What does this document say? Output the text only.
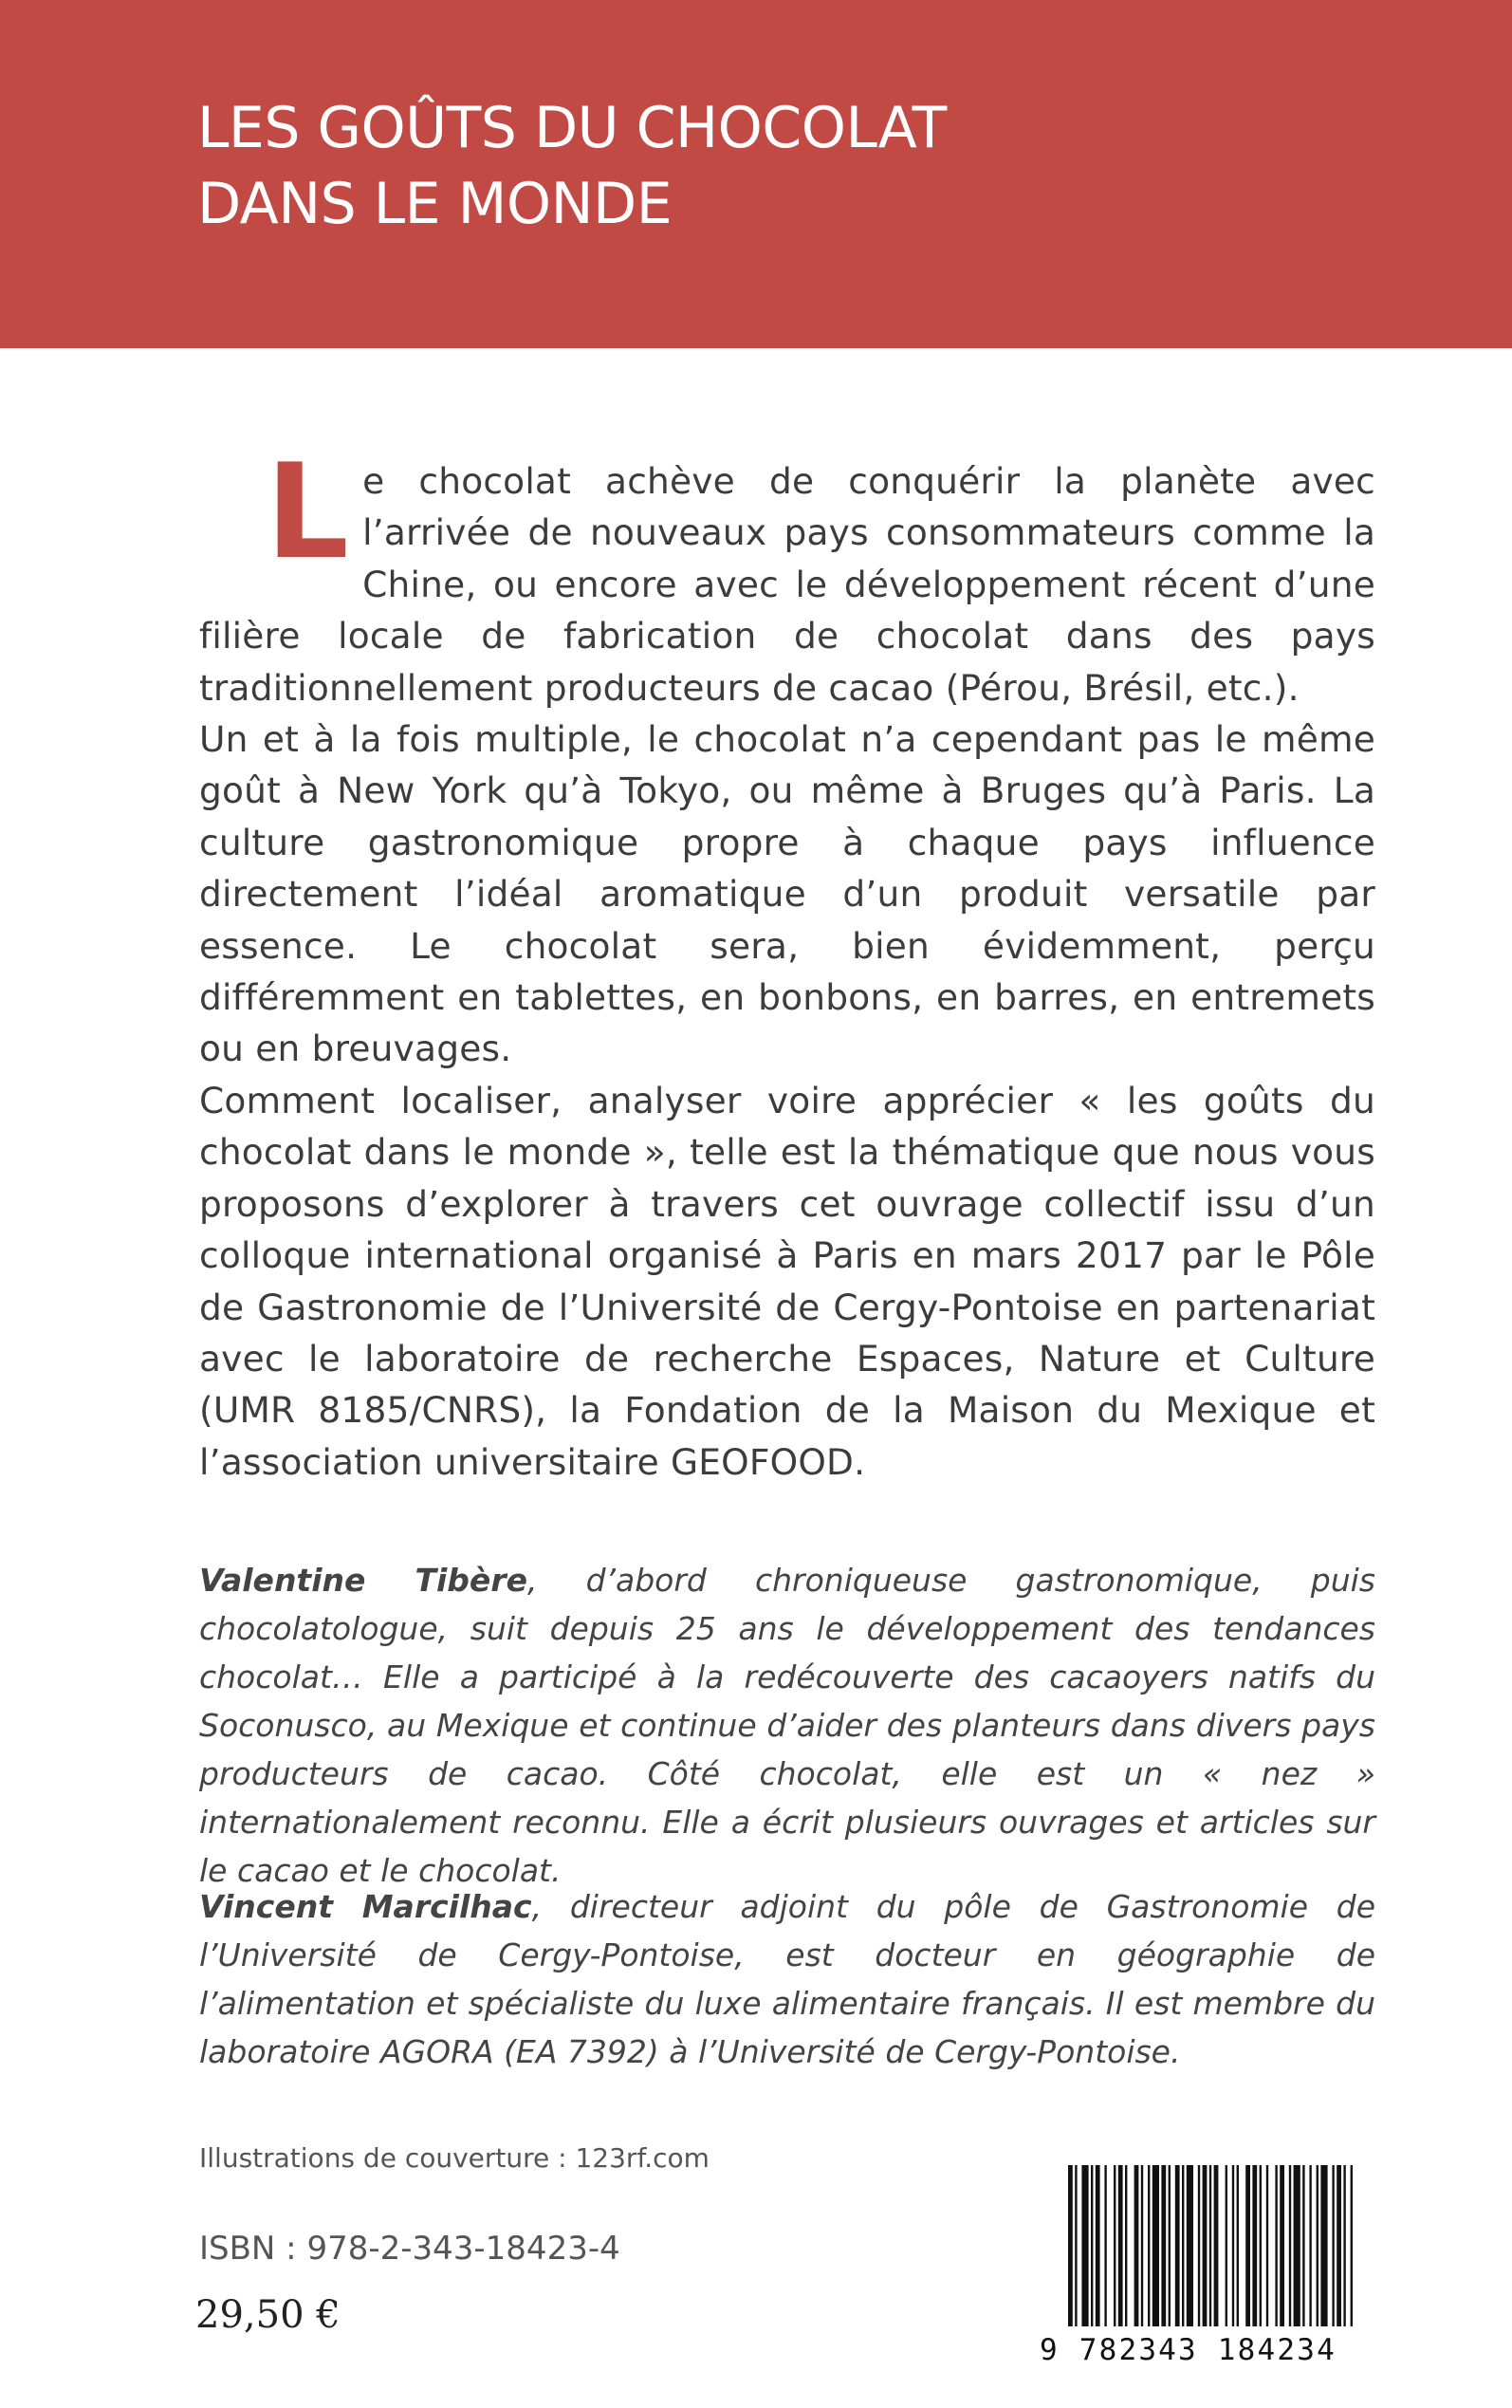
LES GOÛTS DU CHOCOLAT
DANS LE MONDE
L e chocolat achève de conquérir la planète avec l’arrivée de nouveaux pays consommateurs comme la Chine, ou encore avec le développement récent d’une filière locale de fabrication de chocolat dans des pays traditionnellement producteurs de cacao (Pérou, Brésil, etc.).

Un et à la fois multiple, le chocolat n’a cependant pas le même goût à New York qu’à Tokyo, ou même à Bruges qu’à Paris. La culture gastronomique propre à chaque pays influence directement l’idéal aromatique d’un produit versatile par essence. Le chocolat sera, bien évidemment, perçu différemment en tablettes, en bonbons, en barres, en entremets ou en breuvages.

Comment localiser, analyser voire apprécier « les goûts du chocolat dans le monde », telle est la thématique que nous vous proposons d’explorer à travers cet ouvrage collectif issu d’un colloque international organisé à Paris en mars 2017 par le Pôle de Gastronomie de l’Université de Cergy-Pontoise en partenariat avec le laboratoire de recherche Espaces, Nature et Culture (UMR 8185/CNRS), la Fondation de la Maison du Mexique et l’association universitaire GEOFOOD.

Valentine Tibère, d’abord chroniqueuse gastronomique, puis chocolatologue, suit depuis 25 ans le développement des tendances chocolat… Elle a participé à la redécouverte des cacaoyers natifs du Soconusco, au Mexique et continue d’aider des planteurs dans divers pays producteurs de cacao. Côté chocolat, elle est un « nez » internationalement reconnu. Elle a écrit plusieurs ouvrages et articles sur le cacao et le chocolat.

Vincent Marcilhac, directeur adjoint du pôle de Gastronomie de l’Université de Cergy-Pontoise, est docteur en géographie de l’alimentation et spécialiste du luxe alimentaire français. Il est membre du laboratoire AGORA (EA 7392) à l’Université de Cergy-Pontoise.

Illustrations de couverture : 123rf.com
ISBN : 978-2-343-18423-4
29,50 €
9 782343 184234
